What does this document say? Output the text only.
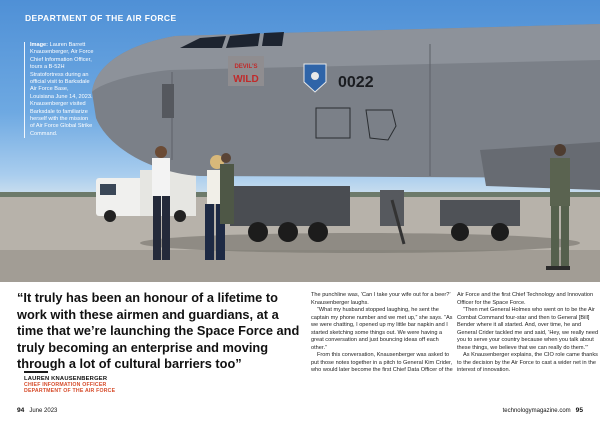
DEVIL'S
WILD	0022
DEPARTMENT OF THE AIR FORCE
Image: Lauren Barrett Knausenberger, Air Force Chief Information Officer, tours a B-52H Stratofortress during an official visit to Barksdale Air Force Base, Louisiana June 14, 2023. Knausenberger visited Barksdale to familiarize herself with the mission of Air Force Global Strike Command.
“It truly has been an honour of a lifetime to work with these airmen and guardians, at a time that we’re launching the Space Force and truly becoming an enterprise and moving through a lot of cultural barriers too”
LAUREN KNAUSENBERGER
CHIEF INFORMATION OFFICER
DEPARTMENT OF THE AIR FORCE

The punchline was, ‘Can I take your wife out for a beer?’ Knausenberger laughs.

“What my husband stopped laughing, he sent the captain my phone number and we met up,” she says. “As we were chatting, I opened up my little bar napkin and I started sketching some things out. We were having a great conversation and just bouncing ideas off each other.”

From this conversation, Knausenberger was asked to put those notes together in a pitch to General Kim Crider, who would later become the first Chief Data Officer of the

Air Force and the first Chief Technology and Innovation Officer for the Space Force.

“Then met General Holmes who went on to be the Air Combat Command four-star and then to General [Bill] Bender where it all started. And, over time, he and General Crider tackled me and said, ‘Hey, we really need you to serve your country because when you talk about these things, we believe that we can really do them.’”

As Knausenberger explains, the CIO role came thanks to the decision by the Air Force to cast a wider net in the interest of innovation.

94 June 2023	technologymagazine.com 95
